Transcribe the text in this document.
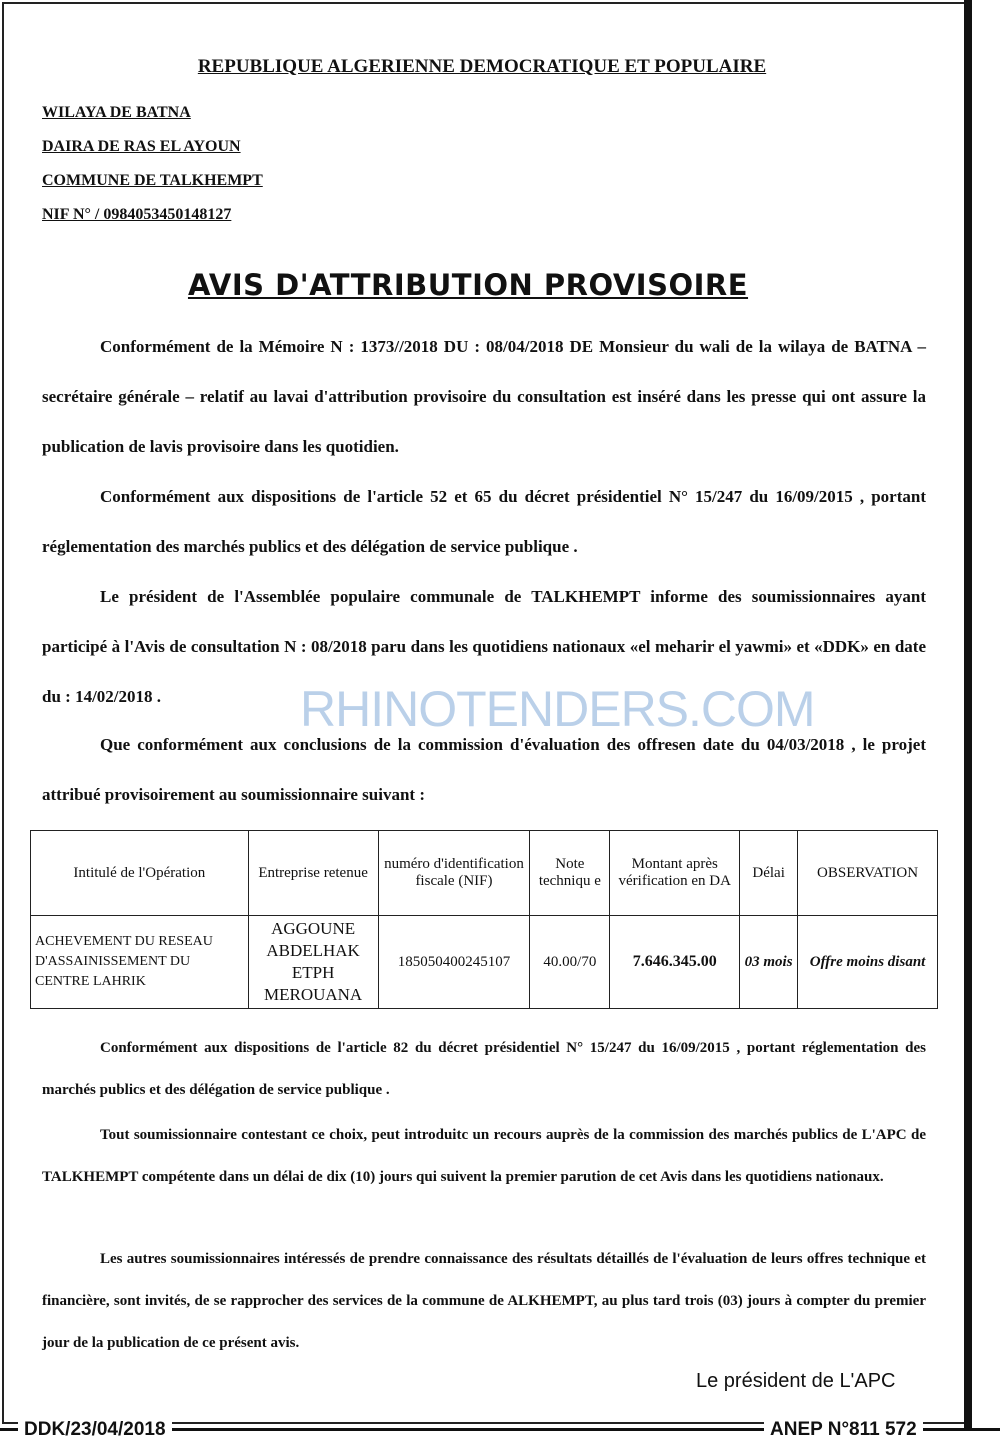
REPUBLIQUE ALGERIENNE DEMOCRATIQUE ET POPULAIRE
WILAYA DE BATNA
DAIRA DE RAS EL AYOUN
COMMUNE DE TALKHEMPT
NIF N° / 0984053450148127
AVIS D'ATTRIBUTION PROVISOIRE

Conformément de la Mémoire N : 1373//2018 DU : 08/04/2018 DE Monsieur du wali de la wilaya de BATNA – secrétaire générale – relatif au lavai d'attribution provisoire du consultation est inséré dans les presse qui ont assure la publication de lavis provisoire dans les quotidien.

Conformément aux dispositions de l'article 52 et 65 du décret présidentiel N° 15/247 du 16/09/2015 , portant réglementation des marchés publics et des délégation de service publique .

Le président de l'Assemblée populaire communale de TALKHEMPT informe des soumissionnaires ayant participé à l'Avis de consultation N : 08/2018 paru dans les quotidiens nationaux «el meharir el yawmi» et «DDK» en date du : 14/02/2018 .

Que conformément aux conclusions de la commission d'évaluation des offresen date du 04/03/2018 , le projet attribué provisoirement au soumissionnaire suivant :

RHINOTENDERS.COM
Intitulé de l'Opération	Entreprise retenue	numéro d'identification fiscale (NIF)	Note techniqu e	Montant après vérification en DA	Délai	OBSERVATION
ACHEVEMENT DU RESEAU D'ASSAINISSEMENT DU CENTRE LAHRIK	AGGOUNE ABDELHAK ETPH MEROUANA	185050400245107	40.00/70	7.646.345.00	03 mois	Offre moins disant

Conformément aux dispositions de l'article 82 du décret présidentiel N° 15/247 du 16/09/2015 , portant réglementation des marchés publics et des délégation de service publique .

Tout soumissionnaire contestant ce choix, peut introduitc un recours auprès de la commission des marchés publics de L'APC de TALKHEMPT compétente dans un délai de dix (10) jours qui suivent la premier parution de cet Avis dans les quotidiens nationaux.

Les autres soumissionnaires intéressés de prendre connaissance des résultats détaillés de l'évaluation de leurs offres technique et financière, sont invités, de se rapprocher des services de la commune de ALKHEMPT, au plus tard trois (03) jours à compter du premier jour de la publication de ce présent avis.

Le président de L'APC
DDK/23/04/2018	ANEP N°811 572
